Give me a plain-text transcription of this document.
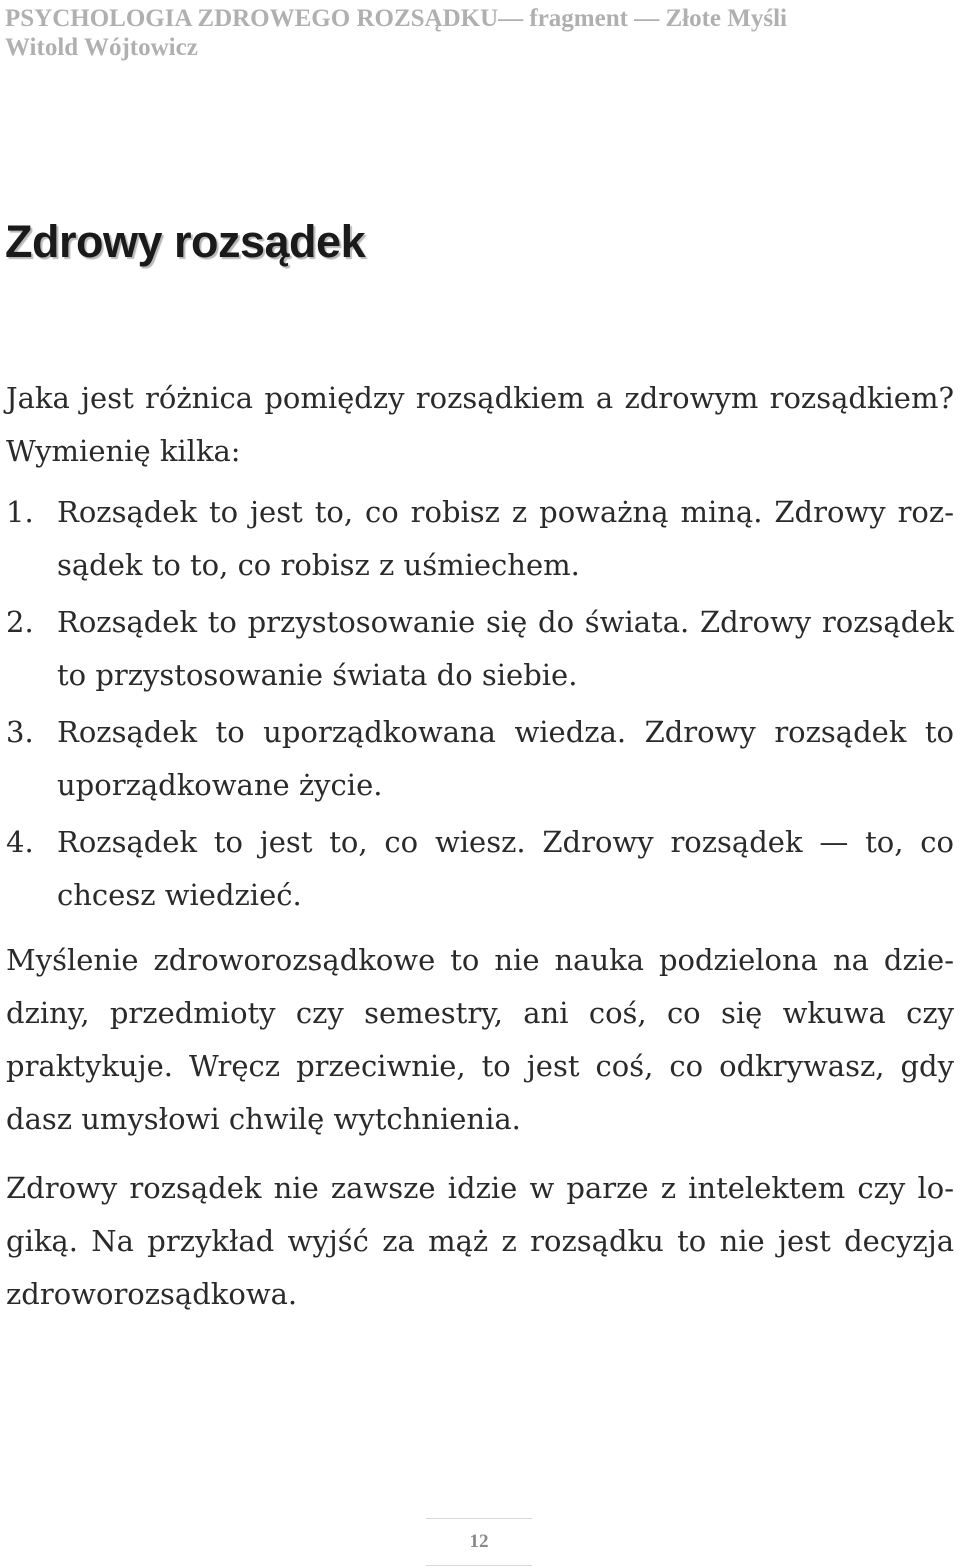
PSYCHOLOGIA ZDROWEGO ROZSĄDKU— fragment — Złote Myśli
Witold Wójtowicz
Zdrowy rozsądek

Jaka jest różnica pomiędzy rozsądkiem a zdrowym rozsądkiem? Wymienię kilka:

1. Rozsądek to jest to, co robisz z poważną miną. Zdrowy rozsądek to to, co robisz z uśmiechem.
2. Rozsądek to przystosowanie się do świata. Zdrowy rozsądek to przystosowanie świata do siebie.
3. Rozsądek to uporządkowana wiedza. Zdrowy rozsądek to uporządkowane życie.
4. Rozsądek to jest to, co wiesz. Zdrowy rozsądek — to, co chcesz wiedzieć.

Myślenie zdroworozsądkowe to nie nauka podzielona na dziedziny, przedmioty czy semestry, ani coś, co się wkuwa czy praktykuje. Wręcz przeciwnie, to jest coś, co odkrywasz, gdy dasz umysłowi chwilę wytchnienia.

Zdrowy rozsądek nie zawsze idzie w parze z intelektem czy logiką. Na przykład wyjść za mąż z rozsądku to nie jest decyzja zdroworozsądkowa.

12
